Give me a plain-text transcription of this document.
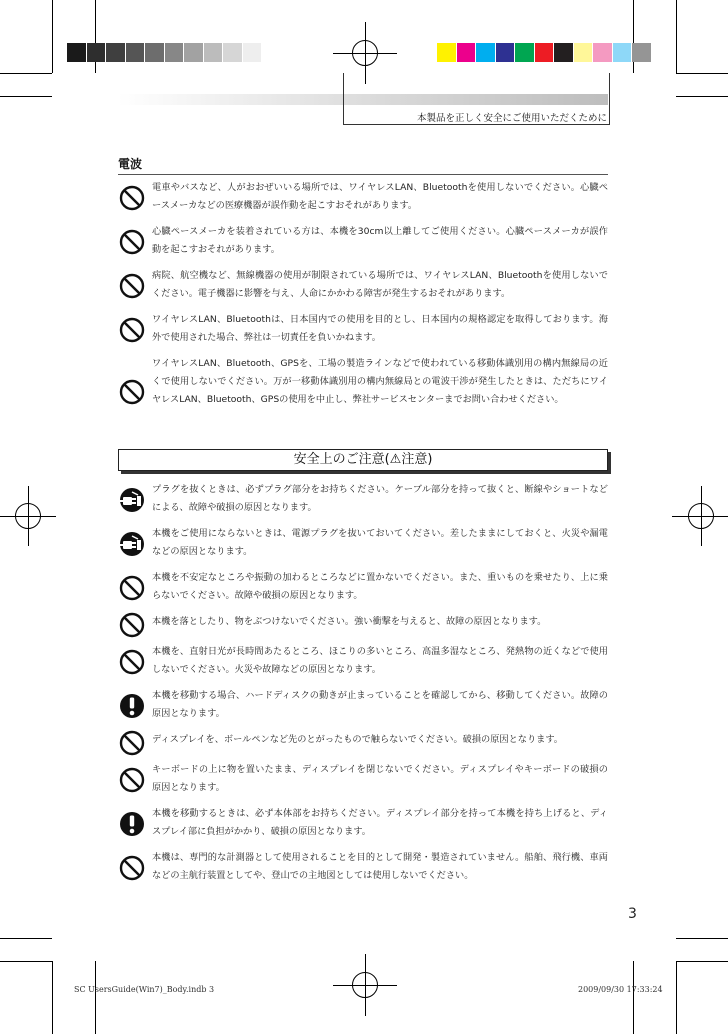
本製品を正しく安全にご使用いただくために
電波
電車やバスなど、人がおおぜいいる場所では、ワイヤレスLAN、Bluetoothを使用しないでください。心臓ペースメーカなどの医療機器が誤作動を起こすおそれがあります。
心臓ペースメーカを装着されている方は、本機を30cm以上離してご使用ください。心臓ペースメーカが誤作動を起こすおそれがあります。
病院、航空機など、無線機器の使用が制限されている場所では、ワイヤレスLAN、Bluetoothを使用しないでください。電子機器に影響を与え、人命にかかわる障害が発生するおそれがあります。
ワイヤレスLAN、Bluetoothは、日本国内での使用を目的とし、日本国内の規格認定を取得しております。海外で使用された場合、弊社は一切責任を負いかねます。
ワイヤレスLAN、Bluetooth、GPSを、工場の製造ラインなどで使われている移動体識別用の構内無線局の近くで使用しないでください。万が一移動体識別用の構内無線局との電波干渉が発生したときは、ただちにワイヤレスLAN、Bluetooth、GPSの使用を中止し、弊社サービスセンターまでお問い合わせください。
安全上のご注意(⚠注意)
プラグを抜くときは、必ずプラグ部分をお持ちください。ケーブル部分を持って抜くと、断線やショートなどによる、故障や破損の原因となります。
本機をご使用にならないときは、電源プラグを抜いておいてください。差したままにしておくと、火災や漏電などの原因となります。
本機を不安定なところや振動の加わるところなどに置かないでください。また、重いものを乗せたり、上に乗らないでください。故障や破損の原因となります。
本機を落としたり、物をぶつけないでください。強い衝撃を与えると、故障の原因となります。
本機を、直射日光が長時間あたるところ、ほこりの多いところ、高温多湿なところ、発熱物の近くなどで使用しないでください。火災や故障などの原因となります。
本機を移動する場合、ハードディスクの動きが止まっていることを確認してから、移動してください。故障の原因となります。
ディスプレイを、ボールペンなど先のとがったもので触らないでください。破損の原因となります。
キーボードの上に物を置いたまま、ディスプレイを閉じないでください。ディスプレイやキーボードの破損の原因となります。
本機を移動するときは、必ず本体部をお持ちください。ディスプレイ部分を持って本機を持ち上げると、ディスプレイ部に負担がかかり、破損の原因となります。
本機は、専門的な計測器として使用されることを目的として開発・製造されていません。船舶、飛行機、車両などの主航行装置としてや、登山での主地図としては使用しないでください。
3
SC UsersGuide(Win7)_Body.indb 3	2009/09/30 17:33:24
